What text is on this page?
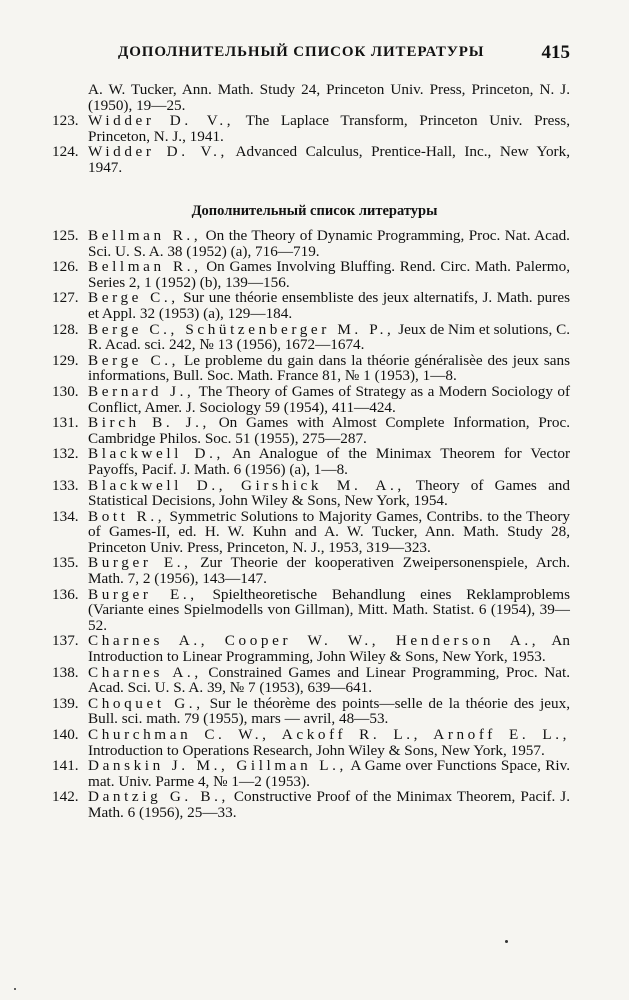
ДОПОЛНИТЕЛЬНЫЙ СПИСОК ЛИТЕРАТУРЫ	415
A. W. Tucker, Ann. Math. Study 24, Princeton Univ. Press, Princeton, N. J. (1950), 19—25.
123. Widder D. V., The Laplace Transform, Princeton Univ. Press, Princeton, N. J., 1941.
124. Widder D. V., Advanced Calculus, Prentice-Hall, Inc., New York, 1947.
Дополнительный список литературы
125. Bellman R., On the Theory of Dynamic Programming, Proc. Nat. Acad. Sci. U. S. A. 38 (1952) (a), 716—719.
126. Bellman R., On Games Involving Bluffing. Rend. Circ. Math. Palermo, Series 2, 1 (1952) (b), 139—156.
127. Berge C., Sur une théorie ensembliste des jeux alternatifs, J. Math. pures et Appl. 32 (1953) (a), 129—184.
128. Berge C., Schützenberger M. P., Jeux de Nim et solutions, C. R. Acad. sci. 242, № 13 (1956), 1672—1674.
129. Berge C., Le probleme du gain dans la théorie généralisèe des jeux sans informations, Bull. Soc. Math. France 81, № 1 (1953), 1—8.
130. Bernard J., The Theory of Games of Strategy as a Modern Sociology of Conflict, Amer. J. Sociology 59 (1954), 411—424.
131. Birch B. J., On Games with Almost Complete Information, Proc. Cambridge Philos. Soc. 51 (1955), 275—287.
132. Blackwell D., An Analogue of the Minimax Theorem for Vector Payoffs, Pacif. J. Math. 6 (1956) (a), 1—8.
133. Blackwell D., Girshick M. A., Theory of Games and Statistical Decisions, John Wiley & Sons, New York, 1954.
134. Bott R., Symmetric Solutions to Majority Games, Contribs. to the Theory of Games-II, ed. H. W. Kuhn and A. W. Tucker, Ann. Math. Study 28, Princeton Univ. Press, Princeton, N. J., 1953, 319—323.
135. Burger E., Zur Theorie der kooperativen Zweipersonenspiele, Arch. Math. 7, 2 (1956), 143—147.
136. Burger E., Spieltheoretische Behandlung eines Reklamproblems (Variante eines Spielmodells von Gillman), Mitt. Math. Statist. 6 (1954), 39—52.
137. Charnes A., Cooper W. W., Henderson A., An Introduction to Linear Programming, John Wiley & Sons, New York, 1953.
138. Charnes A., Constrained Games and Linear Programming, Proc. Nat. Acad. Sci. U. S. A. 39, № 7 (1953), 639—641.
139. Choquet G., Sur le théorème des points—selle de la théorie des jeux, Bull. sci. math. 79 (1955), mars — avril, 48—53.
140. Churchman C. W., Ackoff R. L., Arnoff E. L., Introduction to Operations Research, John Wiley & Sons, New York, 1957.
141. Danskin J. M., Gillman L., A Game over Functions Space, Riv. mat. Univ. Parme 4, № 1—2 (1953).
142. Dantzig G. B., Constructive Proof of the Minimax Theorem, Pacif. J. Math. 6 (1956), 25—33.
